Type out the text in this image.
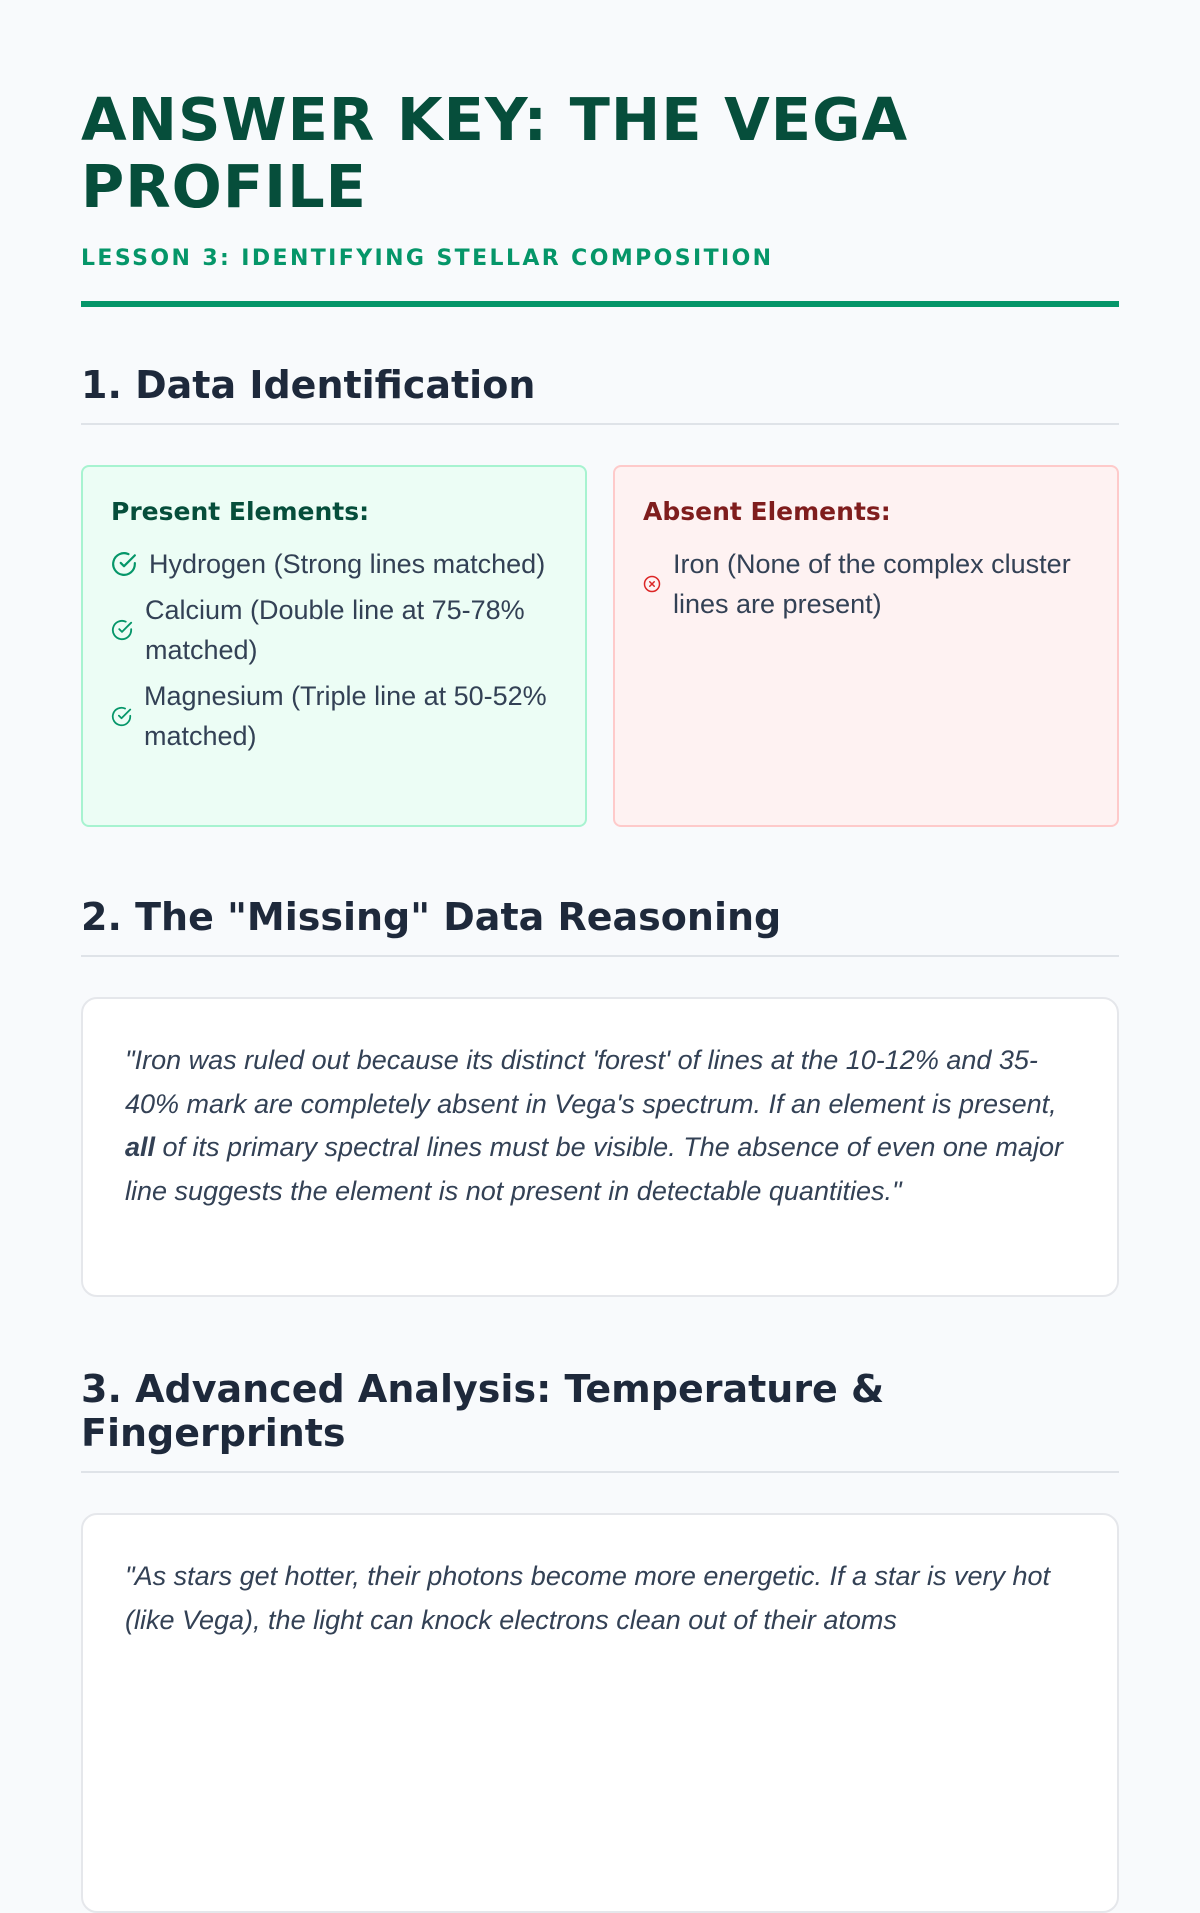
ANSWER KEY: THE VEGA PROFILE
LESSON 3: IDENTIFYING STELLAR COMPOSITION
1. Data Identification
Present Elements:
Hydrogen (Strong lines matched)
Calcium (Double line at 75-78% matched)
Magnesium (Triple line at 50-52% matched)
Absent Elements:
Iron (None of the complex cluster lines are present)
2. The "Missing" Data Reasoning

"Iron was ruled out because its distinct 'forest' of lines at the 10-12% and 35-40% mark are completely absent in Vega's spectrum. If an element is present, all of its primary spectral lines must be visible. The absence of even one major line suggests the element is not present in detectable quantities."

3. Advanced Analysis: Temperature & Fingerprints

"As stars get hotter, their photons become more energetic. If a star is very hot (like Vega), the light can knock electrons clean out of their atoms
